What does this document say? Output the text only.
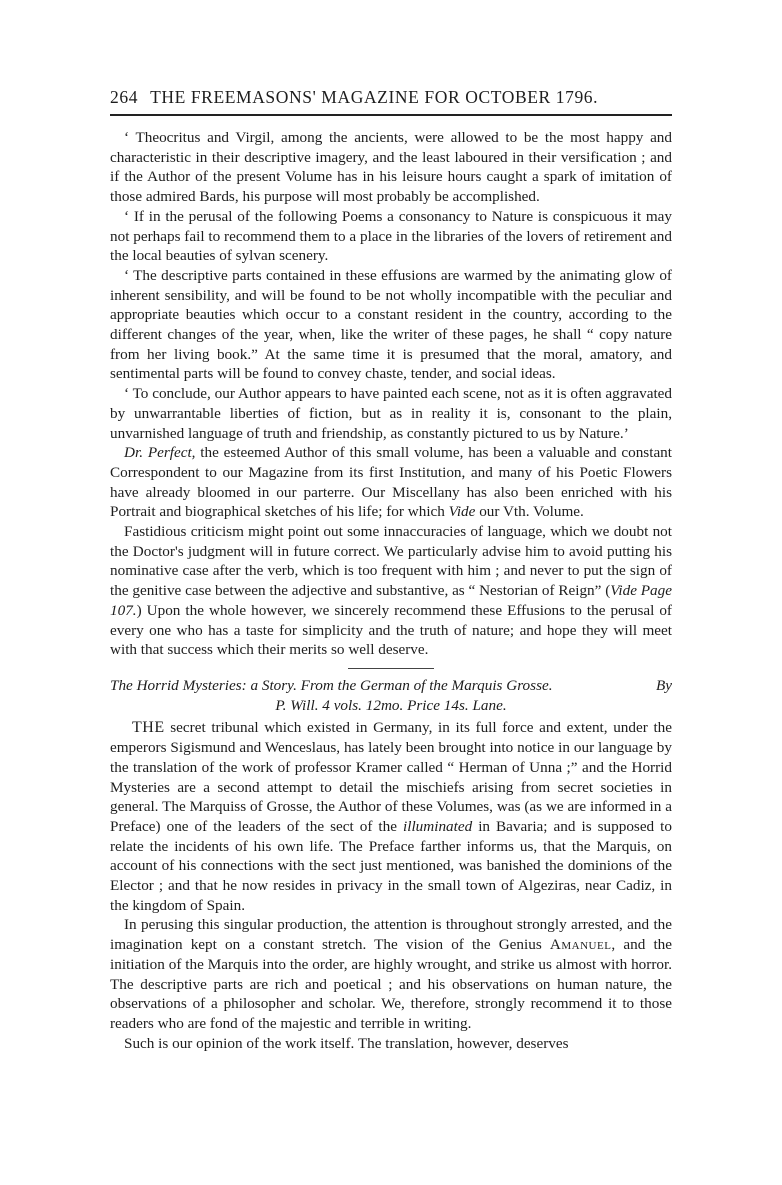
264 THE FREEMASONS' MAGAZINE FOR OCTOBER 1796.

‘ Theocritus and Virgil, among the ancients, were allowed to be the most happy and characteristic in their descriptive imagery, and the least laboured in their versification ; and if the Author of the present Volume has in his leisure hours caught a spark of imitation of those admired Bards, his purpose will most probably be accomplished.

‘ If in the perusal of the following Poems a consonancy to Nature is conspicuous it may not perhaps fail to recommend them to a place in the libraries of the lovers of retirement and the local beauties of sylvan scenery.

‘ The descriptive parts contained in these effusions are warmed by the animating glow of inherent sensibility, and will be found to be not wholly incompatible with the peculiar and appropriate beauties which occur to a constant resident in the country, according to the different changes of the year, when, like the writer of these pages, he shall “ copy nature from her living book.” At the same time it is presumed that the moral, amatory, and sentimental parts will be found to convey chaste, tender, and social ideas.

‘ To conclude, our Author appears to have painted each scene, not as it is often aggravated by unwarrantable liberties of fiction, but as in reality it is, consonant to the plain, unvarnished language of truth and friendship, as constantly pictured to us by Nature.’

Dr. Perfect, the esteemed Author of this small volume, has been a valuable and constant Correspondent to our Magazine from its first Institution, and many of his Poetic Flowers have already bloomed in our parterre. Our Miscellany has also been enriched with his Portrait and biographical sketches of his life; for which Vide our Vth. Volume.

Fastidious criticism might point out some innaccuracies of language, which we doubt not the Doctor's judgment will in future correct. We particularly advise him to avoid putting his nominative case after the verb, which is too frequent with him ; and never to put the sign of the genitive case between the adjective and substantive, as “ Nestorian of Reign” (Vide Page 107.) Upon the whole however, we sincerely recommend these Effusions to the perusal of every one who has a taste for simplicity and the truth of nature; and hope they will meet with that success which their merits so well deserve.

The Horrid Mysteries: a Story. From the German of the Marquis Grosse.	By
P. Will. 4 vols. 12mo. Price 14s. Lane.

THE secret tribunal which existed in Germany, in its full force and extent, under the emperors Sigismund and Wenceslaus, has lately been brought into notice in our language by the translation of the work of professor Kramer called “ Herman of Unna ;” and the Horrid Mysteries are a second attempt to detail the mischiefs arising from secret societies in general. The Marquiss of Grosse, the Author of these Volumes, was (as we are informed in a Preface) one of the leaders of the sect of the illuminated in Bavaria; and is supposed to relate the incidents of his own life. The Preface farther informs us, that the Marquis, on account of his connections with the sect just mentioned, was banished the dominions of the Elector ; and that he now resides in privacy in the small town of Algeziras, near Cadiz, in the kingdom of Spain.

In perusing this singular production, the attention is throughout strongly arrested, and the imagination kept on a constant stretch. The vision of the Genius Amanuel, and the initiation of the Marquis into the order, are highly wrought, and strike us almost with horror. The descriptive parts are rich and poetical ; and his observations on human nature, the observations of a philosopher and scholar. We, therefore, strongly recommend it to those readers who are fond of the majestic and terrible in writing.

Such is our opinion of the work itself. The translation, however, deserves
